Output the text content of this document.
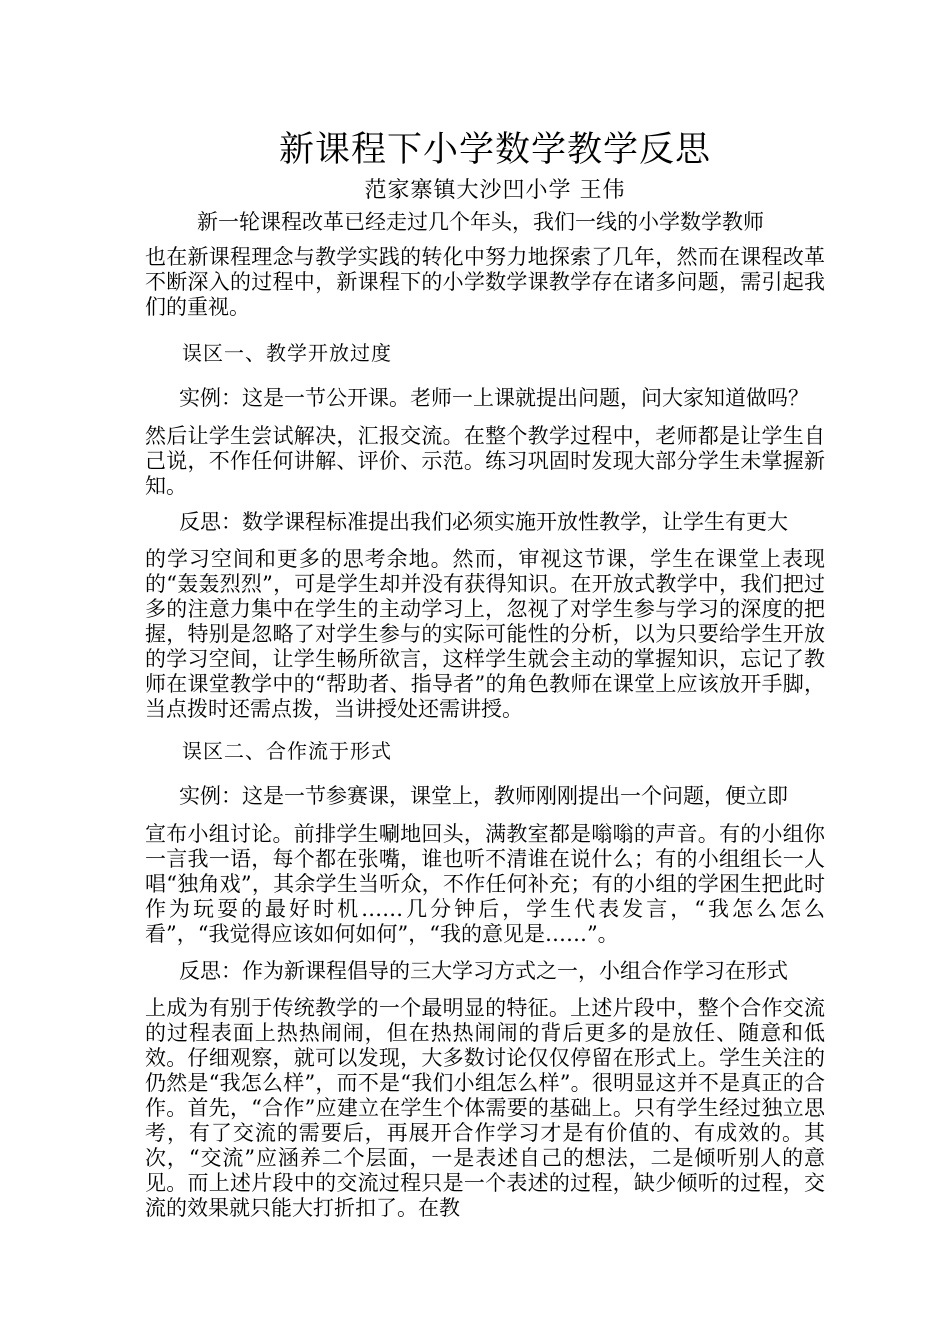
新课程下小学数学教学反思

范家寨镇大沙凹小学 王伟

新一轮课程改革已经走过几个年头，我们一线的小学数学教师
也在新课程理念与教学实践的转化中努力地探索了几年，然而在课程改革不断深入的过程中，新课程下的小学数学课教学存在诸多问题，需引起我们的重视。

误区一、教学开放过度

实例：这是一节公开课。老师一上课就提出问题，问大家知道做吗？
然后让学生尝试解决，汇报交流。在整个教学过程中，老师都是让学生自己说，不作任何讲解、评价、示范。练习巩固时发现大部分学生未掌握新知。
反思：数学课程标准提出我们必须实施开放性教学，让学生有更大
的学习空间和更多的思考余地。然而，审视这节课，学生在课堂上表现的“轰轰烈烈”，可是学生却并没有获得知识。在开放式教学中，我们把过多的注意力集中在学生的主动学习上，忽视了对学生参与学习的深度的把握，特别是忽略了对学生参与的实际可能性的分析，以为只要给学生开放的学习空间，让学生畅所欲言，这样学生就会主动的掌握知识，忘记了教师在课堂教学中的“帮助者、指导者”的角色教师在课堂上应该放开手脚，当点拨时还需点拨，当讲授处还需讲授。

误区二、合作流于形式

实例：这是一节参赛课，课堂上，教师刚刚提出一个问题，便立即
宣布小组讨论。前排学生唰地回头，满教室都是嗡嗡的声音。有的小组你一言我一语，每个都在张嘴，谁也听不清谁在说什么；有的小组组长一人唱“独角戏”，其余学生当听众，不作任何补充；有的小组的学困生把此时作为玩耍的最好时机……几分钟后，学生代表发言，“我怎么怎么看”，“我觉得应该如何如何”，“我的意见是……”。
反思：作为新课程倡导的三大学习方式之一，小组合作学习在形式
上成为有别于传统教学的一个最明显的特征。上述片段中，整个合作交流的过程表面上热热闹闹，但在热热闹闹的背后更多的是放任、随意和低效。仔细观察，就可以发现，大多数讨论仅仅停留在形式上。学生关注的仍然是“我怎么样”，而不是“我们小组怎么样”。很明显这并不是真正的合作。首先，“合作”应建立在学生个体需要的基础上。只有学生经过独立思考，有了交流的需要后，再展开合作学习才是有价值的、有成效的。其次，“交流”应涵养二个层面，一是表述自己的想法，二是倾听别人的意见。而上述片段中的交流过程只是一个表述的过程，缺少倾听的过程，交流的效果就只能大打折扣了。在教
